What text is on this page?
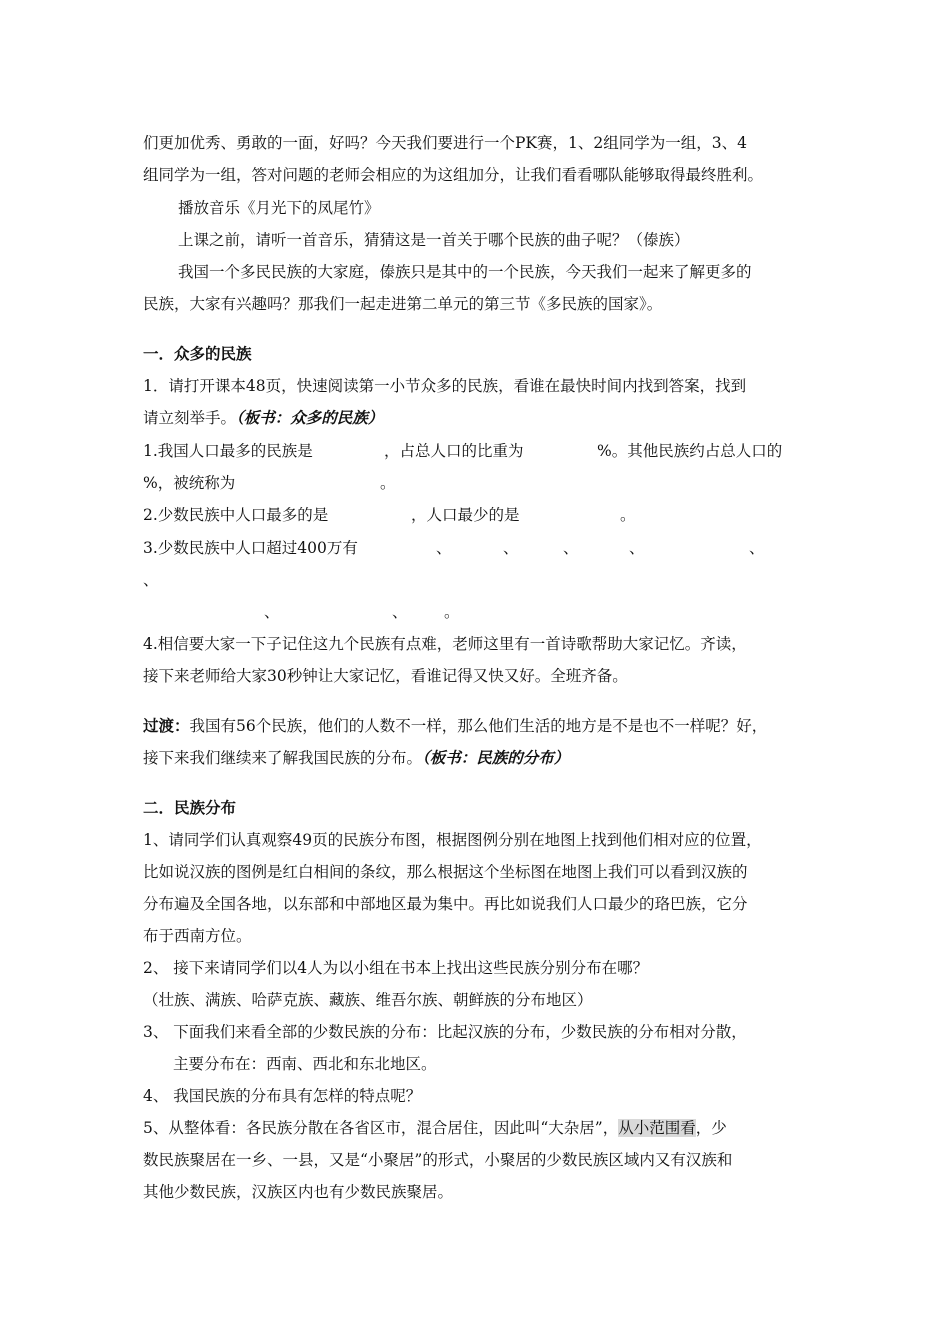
们更加优秀、勇敢的一面，好吗？今天我们要进行一个PK赛，1、2组同学为一组，3、4
组同学为一组，答对问题的老师会相应的为这组加分，让我们看看哪队能够取得最终胜利。
播放音乐《月光下的凤尾竹》
上课之前，请听一首音乐，猜猜这是一首关于哪个民族的曲子呢？（傣族）
我国一个多民民族的大家庭，傣族只是其中的一个民族，今天我们一起来了解更多的
民族，大家有兴趣吗？那我们一起走进第二单元的第三节《多民族的国家》。
一．众多的民族
1．请打开课本48页，快速阅读第一小节众多的民族，看谁在最快时间内找到答案，找到
请立刻举手。（板书：众多的民族）
1.我国人口最多的民族是	，占总人口的比重为	%。其他民族约占总人口的
%，被统称为	。
2.少数民族中人口最多的是	，人口最少的是	。
3.少数民族中人口超过400万有	、	、	、	、	、
、
、	、 。
4.相信要大家一下子记住这九个民族有点难，老师这里有一首诗歌帮助大家记忆。齐读，
接下来老师给大家30秒钟让大家记忆，看谁记得又快又好。全班齐备。
过渡：我国有56个民族，他们的人数不一样，那么他们生活的地方是不是也不一样呢？好，
接下来我们继续来了解我国民族的分布。（板书：民族的分布）
二．民族分布
1、请同学们认真观察49页的民族分布图，根据图例分别在地图上找到他们相对应的位置，
比如说汉族的图例是红白相间的条纹，那么根据这个坐标图在地图上我们可以看到汉族的
分布遍及全国各地，以东部和中部地区最为集中。再比如说我们人口最少的珞巴族，它分
布于西南方位。
2、 接下来请同学们以4人为以小组在书本上找出这些民族分别分布在哪？
（壮族、满族、哈萨克族、藏族、维吾尔族、朝鲜族的分布地区）
3、 下面我们来看全部的少数民族的分布：比起汉族的分布，少数民族的分布相对分散，
主要分布在：西南、西北和东北地区。
4、 我国民族的分布具有怎样的特点呢？
5、从整体看：各民族分散在各省区市，混合居住，因此叫“大杂居”，从小范围看，少
数民族聚居在一乡、一县，又是“小聚居”的形式，小聚居的少数民族区域内又有汉族和
其他少数民族，汉族区内也有少数民族聚居。
